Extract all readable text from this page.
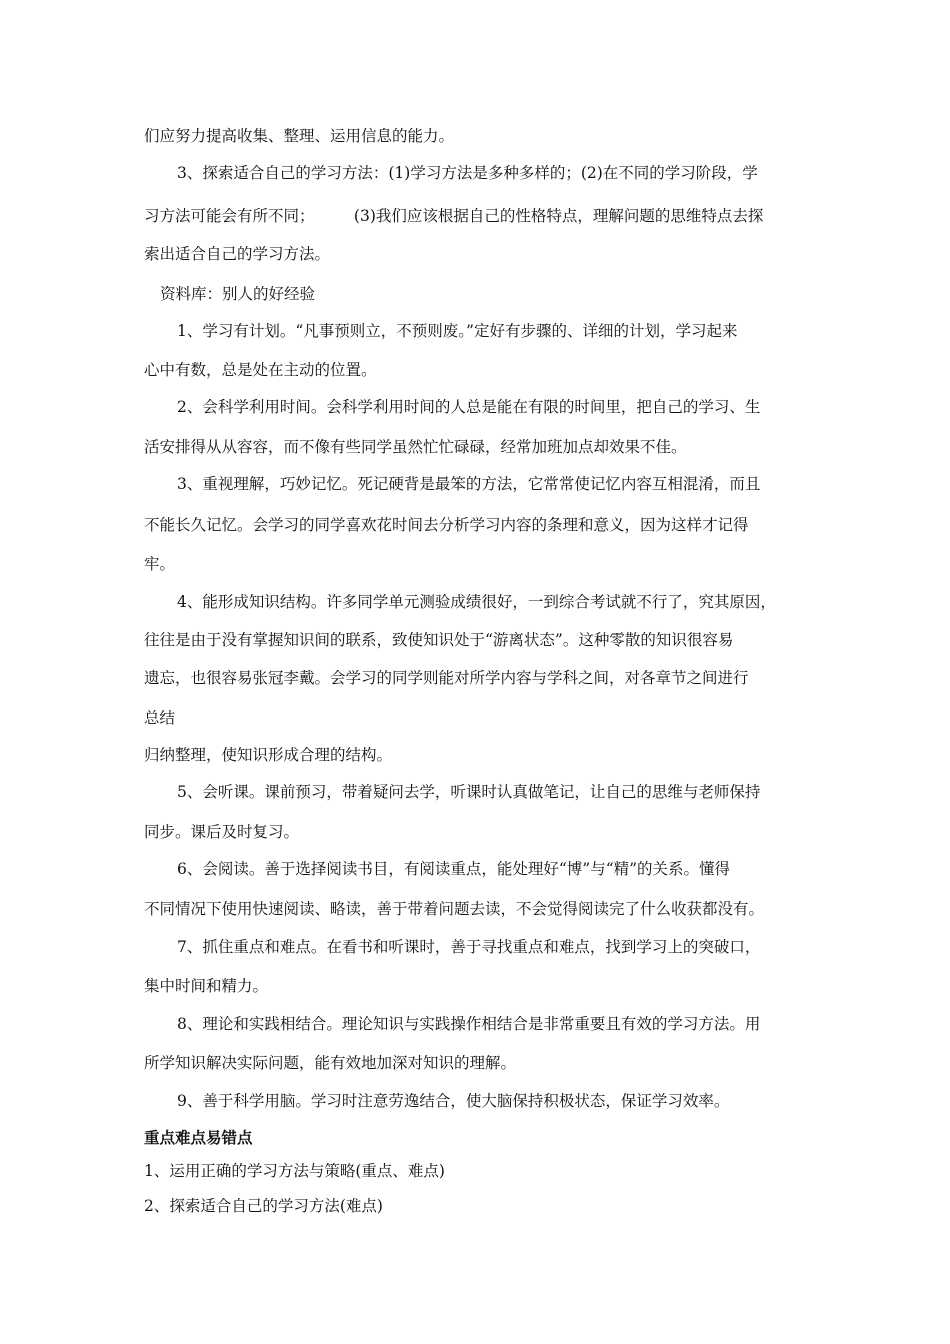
们应努力提高收集、整理、运用信息的能力。

3、探索适合自己的学习方法：(1)学习方法是多种多样的；(2)在不同的学习阶段，学

习方法可能会有所不同；        (3)我们应该根据自己的性格特点，理解问题的思维特点去探

索出适合自己的学习方法。

资料库：别人的好经验

1、学习有计划。“凡事预则立，不预则废。”定好有步骤的、详细的计划，学习起来

心中有数，总是处在主动的位置。

2、会科学利用时间。会科学利用时间的人总是能在有限的时间里，把自己的学习、生

活安排得从从容容，而不像有些同学虽然忙忙碌碌，经常加班加点却效果不佳。

3、重视理解，巧妙记忆。死记硬背是最笨的方法，它常常使记忆内容互相混淆，而且

不能长久记忆。会学习的同学喜欢花时间去分析学习内容的条理和意义，因为这样才记得

牢。

4、能形成知识结构。许多同学单元测验成绩很好，一到综合考试就不行了，究其原因，

往往是由于没有掌握知识间的联系，致使知识处于“游离状态”。这种零散的知识很容易

遗忘，也很容易张冠李戴。会学习的同学则能对所学内容与学科之间，对各章节之间进行

总结

归纳整理，使知识形成合理的结构。

5、会听课。课前预习，带着疑问去学，听课时认真做笔记，让自己的思维与老师保持

同步。课后及时复习。

6、会阅读。善于选择阅读书目，有阅读重点，能处理好“博”与“精”的关系。懂得

不同情况下使用快速阅读、略读，善于带着问题去读，不会觉得阅读完了什么收获都没有。

7、抓住重点和难点。在看书和听课时，善于寻找重点和难点，找到学习上的突破口，

集中时间和精力。

8、理论和实践相结合。理论知识与实践操作相结合是非常重要且有效的学习方法。用

所学知识解决实际问题，能有效地加深对知识的理解。

9、善于科学用脑。学习时注意劳逸结合，使大脑保持积极状态，保证学习效率。

重点难点易错点

1、运用正确的学习方法与策略(重点、难点)

2、探索适合自己的学习方法(难点)
